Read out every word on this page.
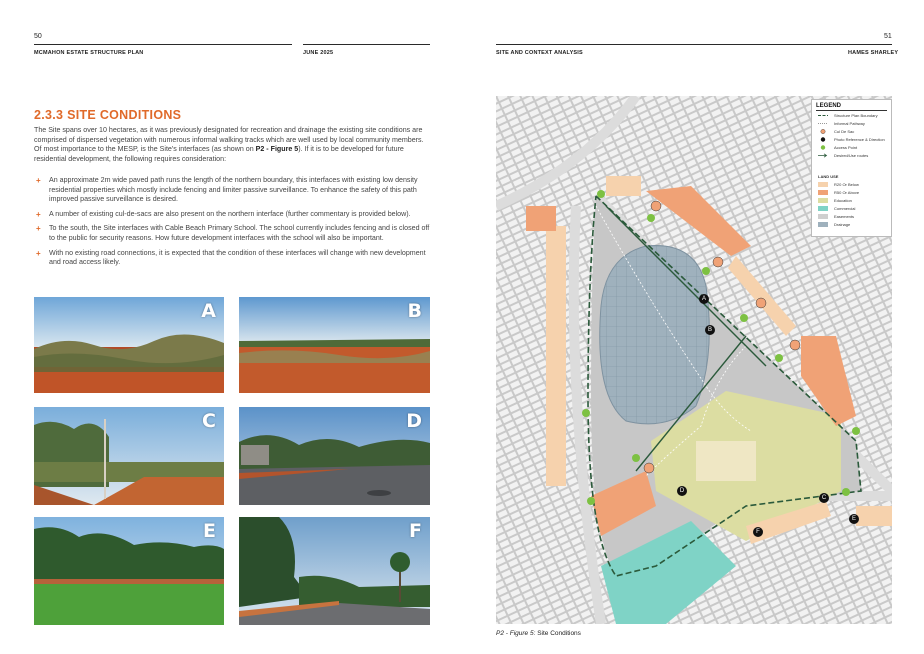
50
MCMAHON ESTATE STRUCTURE PLAN	JUNE 2025
2.3.3 SITE CONDITIONS

The Site spans over 10 hectares, as it was previously designated for recreation and drainage the existing site conditions are comprised of dispersed vegetation with numerous informal walking tracks which are well used by local community members. Of most importance to the MESP, is the Site's interfaces (as shown on P2 - Figure 5). If it is to be developed for future residential development, the following requires consideration:

+ An approximate 2m wide paved path runs the length of the northern boundary, this interfaces with existing low density residential properties which mostly include fencing and limiter passive surveillance. To enhance the safety of this path improved passive surveillance is desired.
+ A number of existing cul-de-sacs are also present on the northern interface (further commentary is provided below).
+ To the south, the Site interfaces with Cable Beach Primary School. The school currently includes fencing and is closed off to the public for security reasons. How future development interfaces with the school will also be important.
+ With no existing road connections, it is expected that the condition of these interfaces will change with new development and road access likely.
A	B
C	D
E	F
51
SITE AND CONTEXT ANALYSIS	HAMES SHARLEY
A
B
C
D
E
F
LEGEND
Structure Plan Boundary
Informal Pathway
Cul De Sac
Photo Reference & Direction
Access Point
Desired/Use routes
LAND USE
R20 Or Below
R50 Or Above
Education
Commercial
Easements
Drainage
P2 - Figure 5: Site Conditions
